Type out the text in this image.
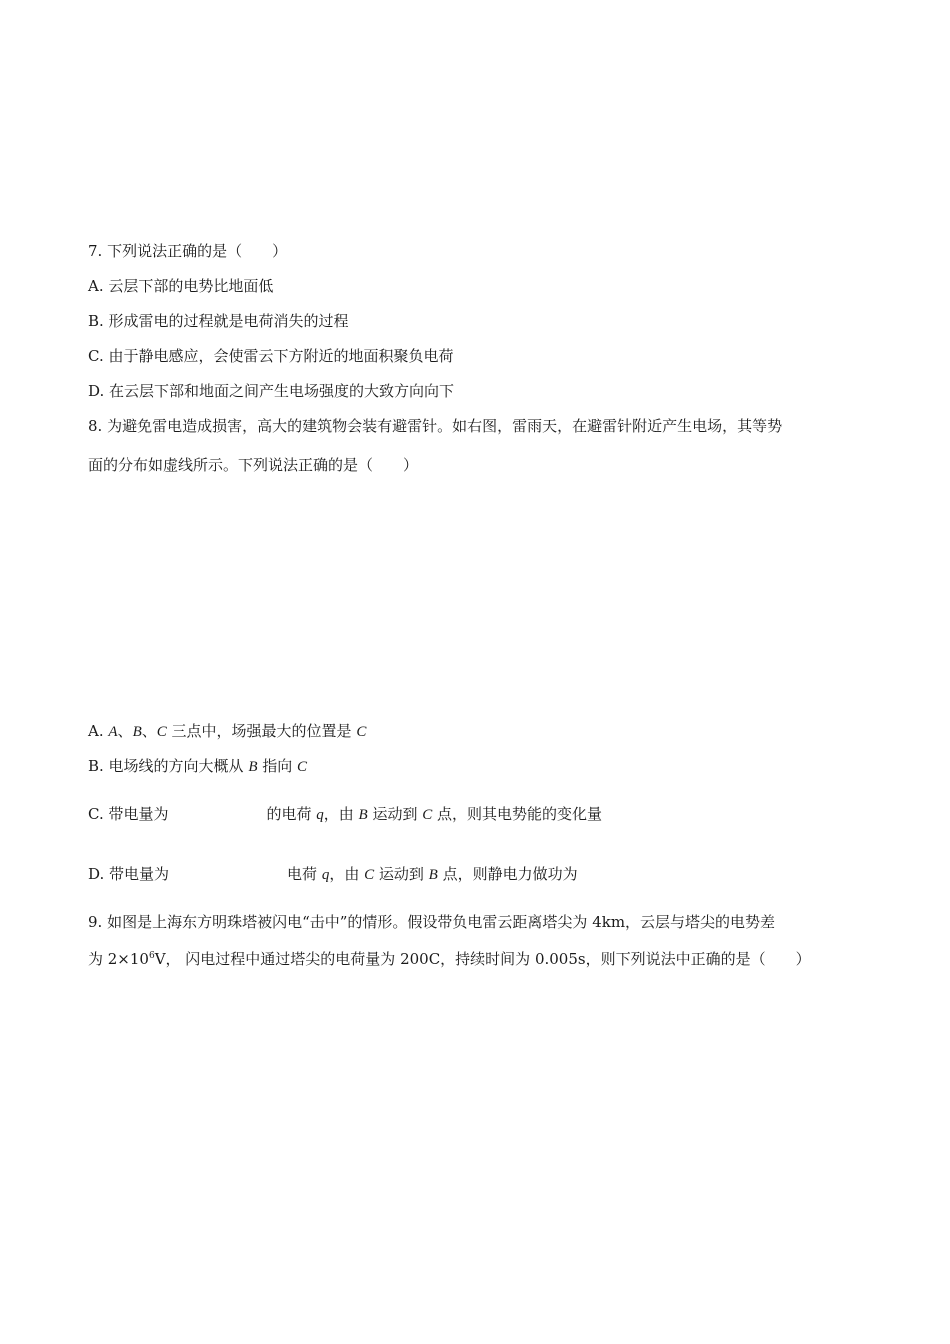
7. 下列说法正确的是（　　）
A. 云层下部的电势比地面低
B. 形成雷电的过程就是电荷消失的过程
C. 由于静电感应，会使雷云下方附近的地面积聚负电荷
D. 在云层下部和地面之间产生电场强度的大致方向向下
8. 为避免雷电造成损害，高大的建筑物会装有避雷针。如右图，雷雨天，在避雷针附近产生电场，其等势
面的分布如虚线所示。下列说法正确的是（　　）
A. A、B、C 三点中，场强最大的位置是 C
B. 电场线的方向大概从 B 指向 C
C. 带电量为	的电荷 q，由 B 运动到 C 点，则其电势能的变化量
D. 带电量为	电荷 q，由 C 运动到 B 点，则静电力做功为
9. 如图是上海东方明珠塔被闪电“击中”的情形。假设带负电雷云距离塔尖为 4km，云层与塔尖的电势差
为 $2\times 10^6V$， 闪电过程中通过塔尖的电荷量为 200C，持续时间为 0.005s，则下列说法中正确的是（　　）
